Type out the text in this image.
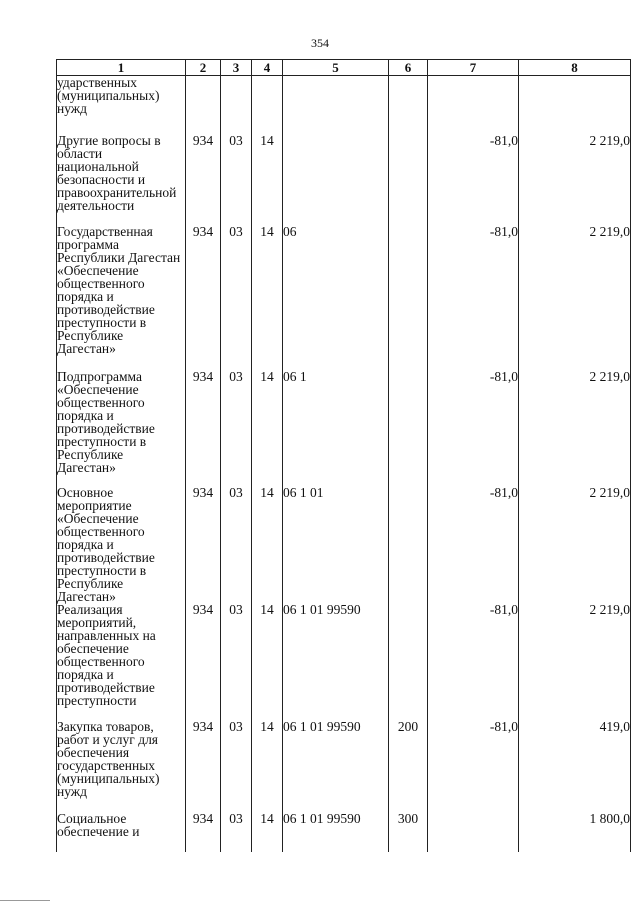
354
1	2	3	4	5	6	7	8
ударственных (муниципальных) нужд							
Другие вопросы в области национальной безопасности и правоохранительной деятельности	934	03	14			-81,0	2 219,0
Государственная программа Республики Дагестан «Обеспечение общественного порядка и противодействие преступности в Республике Дагестан»	934	03	14	06		-81,0	2 219,0
Подпрограмма «Обеспечение общественного порядка и противодействие преступности в Республике Дагестан»	934	03	14	06 1		-81,0	2 219,0
Основное мероприятие «Обеспечение общественного порядка и противодействие преступности в Республике Дагестан»	934	03	14	06 1 01		-81,0	2 219,0
Реализация мероприятий, направленных на обеспечение общественного порядка и противодействие преступности	934	03	14	06 1 01 99590		-81,0	2 219,0
Закупка товаров, работ и услуг для обеспечения государственных (муниципальных) нужд	934	03	14	06 1 01 99590	200	-81,0	419,0
Социальное обеспечение и	934	03	14	06 1 01 99590	300		1 800,0
